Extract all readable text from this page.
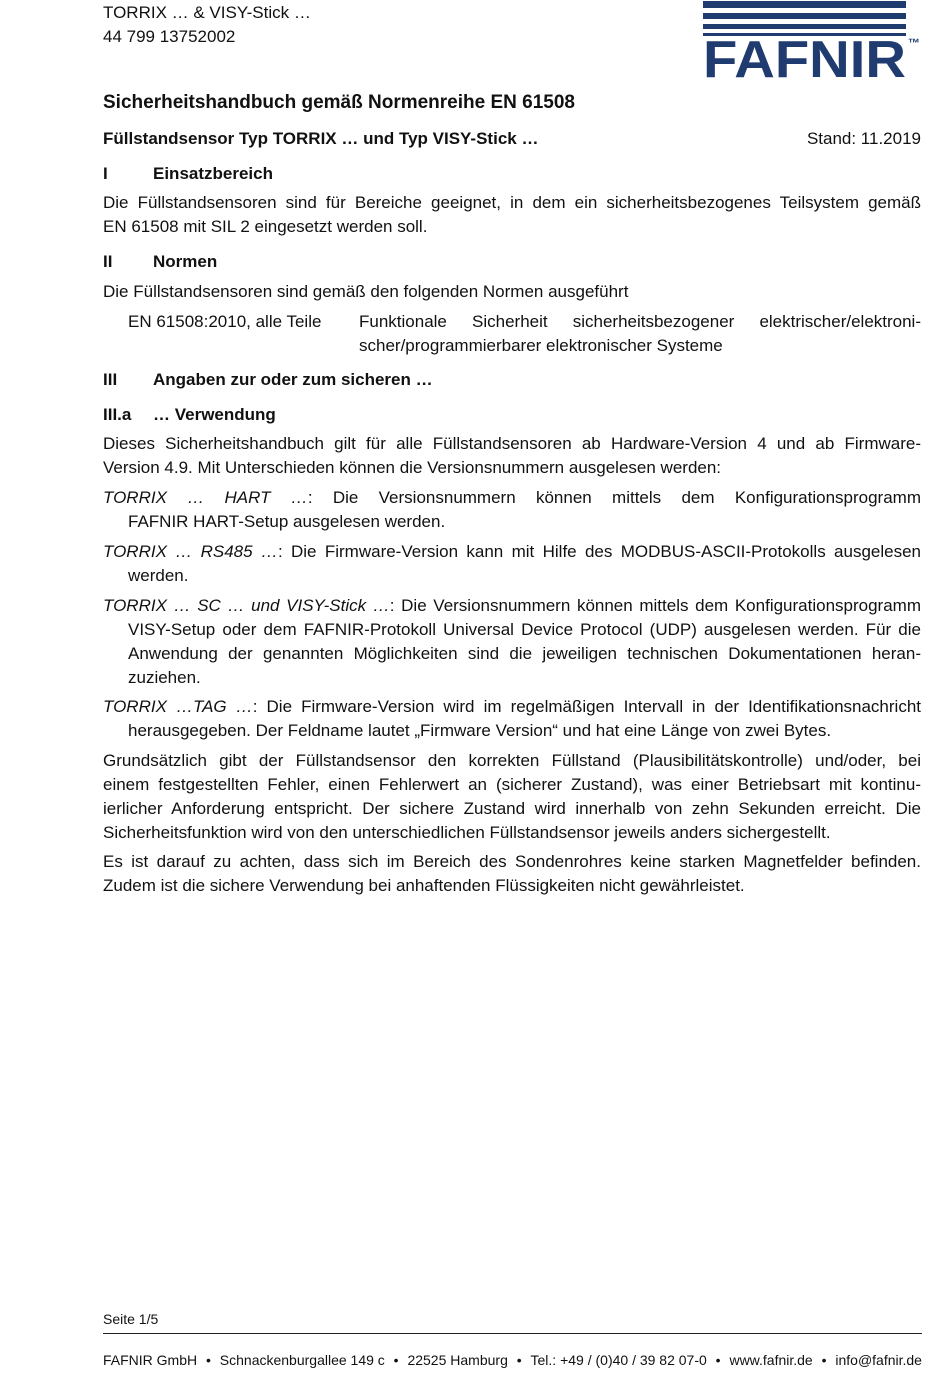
TORRIX … & VISY-Stick …
44 799 13752002	FAFNIR ™
Sicherheitshandbuch gemäß Normenreihe EN 61508
Füllstandsensor Typ TORRIX … und Typ VISY-Stick …	Stand: 11.2019
I	Einsatzbereich
Die Füllstandsensoren sind für Bereiche geeignet, in dem ein sicherheitsbezogenes Teilsystem gemäß
EN 61508 mit SIL 2 eingesetzt werden soll.
II Normen
Die Füllstandsensoren sind gemäß den folgenden Normen ausgeführt
EN 61508:2010, alle Teile	Funktionale Sicherheit sicherheitsbezogener elektrischer/elektroni-
scher/programmierbarer elektronischer Systeme
III Angaben zur oder zum sicheren …
III.a … Verwendung
Dieses Sicherheitshandbuch gilt für alle Füllstandsensoren ab Hardware-Version 4 und ab Firmware-
Version 4.9. Mit Unterschieden können die Versionsnummern ausgelesen werden:
TORRIX … HART …: Die Versionsnummern können mittels dem Konfigurationsprogramm
FAFNIR HART-Setup ausgelesen werden.
TORRIX … RS485 …: Die Firmware-Version kann mit Hilfe des MODBUS-ASCII-Protokolls ausgelesen
werden.
TORRIX … SC … und VISY-Stick …: Die Versionsnummern können mittels dem Konfigurationsprogramm
VISY-Setup oder dem FAFNIR-Protokoll Universal Device Protocol (UDP) ausgelesen werden. Für die
Anwendung der genannten Möglichkeiten sind die jeweiligen technischen Dokumentationen heran-
zuziehen.
TORRIX …TAG …: Die Firmware-Version wird im regelmäßigen Intervall in der Identifikationsnachricht
herausgegeben. Der Feldname lautet „Firmware Version“ und hat eine Länge von zwei Bytes.
Grundsätzlich gibt der Füllstandsensor den korrekten Füllstand (Plausibilitätskontrolle) und/oder, bei
einem festgestellten Fehler, einen Fehlerwert an (sicherer Zustand), was einer Betriebsart mit kontinu-
ierlicher Anforderung entspricht. Der sichere Zustand wird innerhalb von zehn Sekunden erreicht. Die
Sicherheitsfunktion wird von den unterschiedlichen Füllstandsensor jeweils anders sichergestellt.
Es ist darauf zu achten, dass sich im Bereich des Sondenrohres keine starken Magnetfelder befinden.
Zudem ist die sichere Verwendung bei anhaftenden Flüssigkeiten nicht gewährleistet.
Seite 1/5
FAFNIR GmbH • Schnackenburgallee 149 c • 22525 Hamburg • Tel.: +49 / (0)40 / 39 82 07-0 • www.fafnir.de • info@fafnir.de
